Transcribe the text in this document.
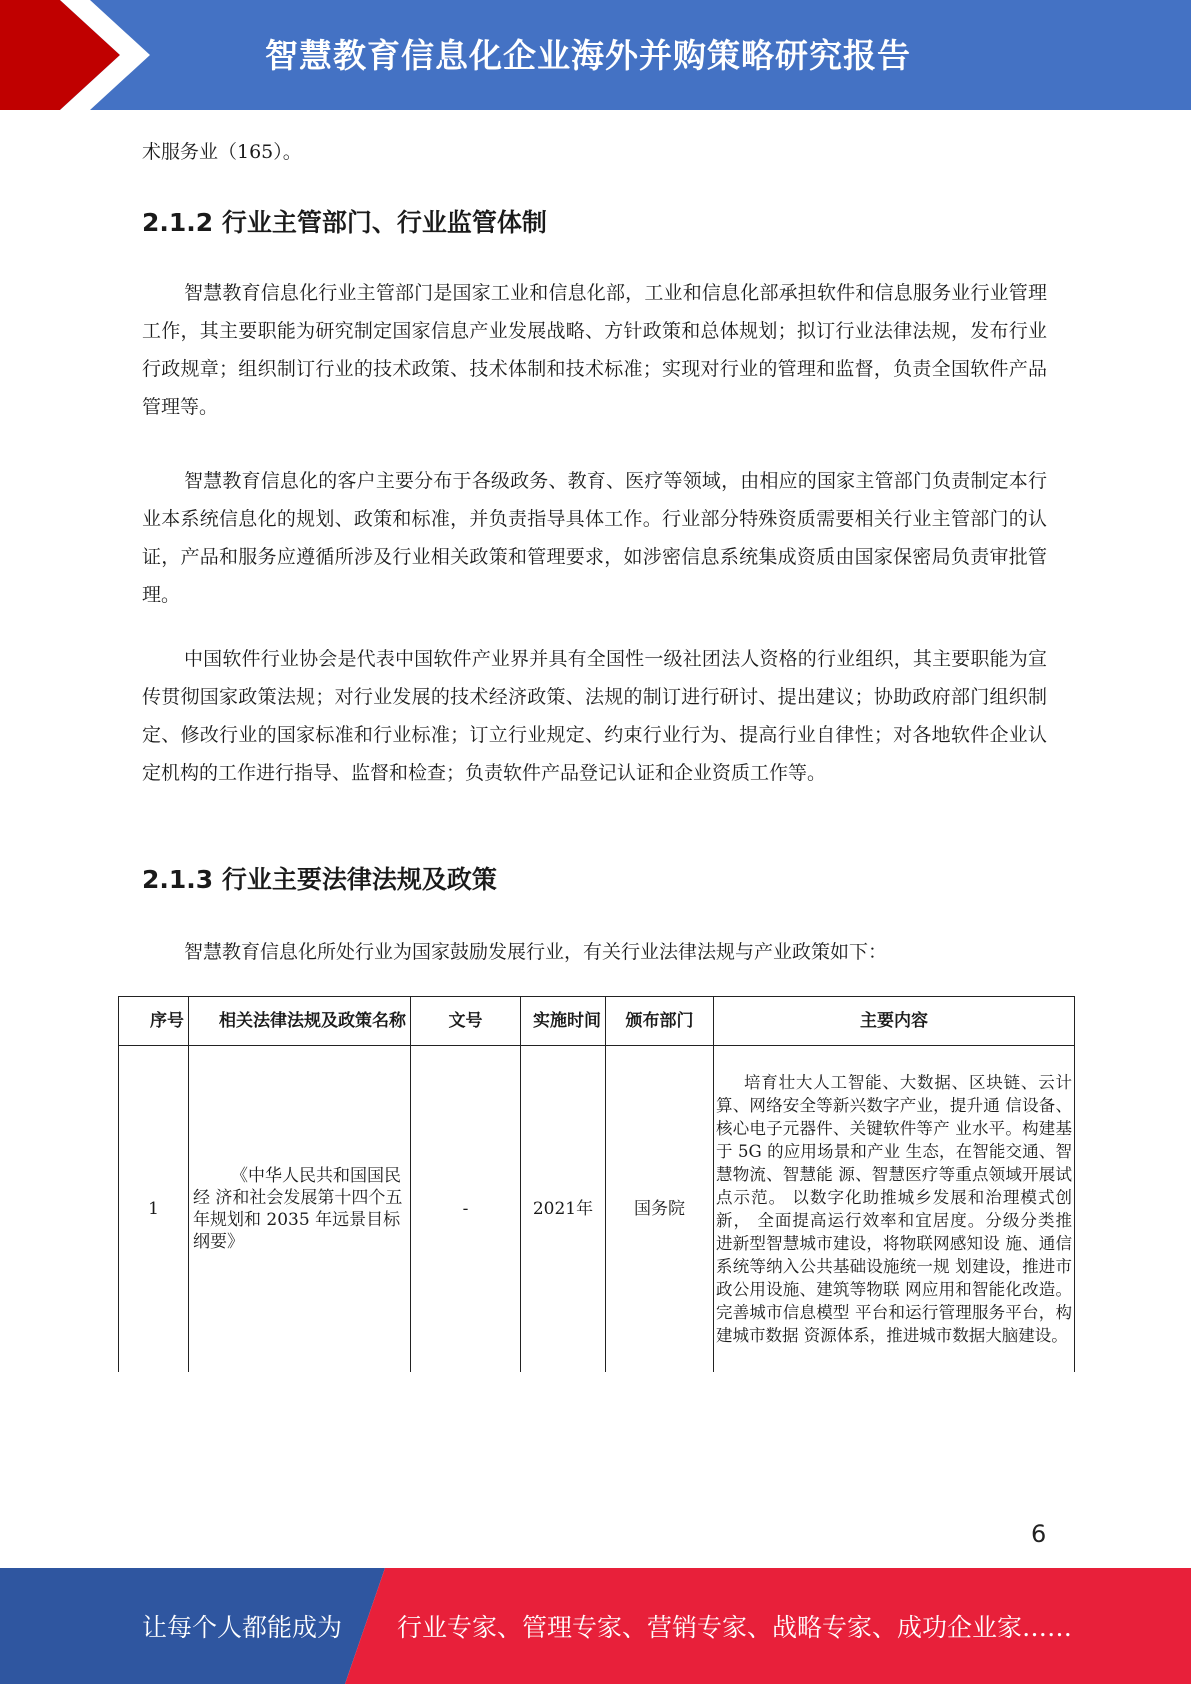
智慧教育信息化企业海外并购策略研究报告

术服务业（165）。

2.1.2 行业主管部门、行业监管体制

智慧教育信息化行业主管部门是国家工业和信息化部，工业和信息化部承担软件和信息服务业行业管理工作，其主要职能为研究制定国家信息产业发展战略、方针政策和总体规划；拟订行业法律法规，发布行业行政规章；组织制订行业的技术政策、技术体制和技术标准；实现对行业的管理和监督，负责全国软件产品管理等。

智慧教育信息化的客户主要分布于各级政务、教育、医疗等领域，由相应的国家主管部门负责制定本行业本系统信息化的规划、政策和标准，并负责指导具体工作。行业部分特殊资质需要相关行业主管部门的认证，产品和服务应遵循所涉及行业相关政策和管理要求，如涉密信息系统集成资质由国家保密局负责审批管理。

中国软件行业协会是代表中国软件产业界并具有全国性一级社团法人资格的行业组织，其主要职能为宣传贯彻国家政策法规；对行业发展的技术经济政策、法规的制订进行研讨、提出建议；协助政府部门组织制定、修改行业的国家标准和行业标准；订立行业规定、约束行业行为、提高行业自律性；对各地软件企业认定机构的工作进行指导、监督和检查；负责软件产品登记认证和企业资质工作等。

2.1.3 行业主要法律法规及政策

智慧教育信息化所处行业为国家鼓励发展行业，有关行业法律法规与产业政策如下：

序号	相关法律法规及政策名称	文号	实施时间	颁布部门	主要内容
1	《中华人民共和国国民经 济和社会发展第十四个五 年规划和 2035 年远景目标纲要》	-	2021年	国务院	培育壮大人工智能、大数据、区块链、云计算、网络安全等新兴数字产业，提升通 信设备、核心电子元器件、关键软件等产 业水平。构建基于 5G 的应用场景和产业 生态，在智能交通、智慧物流、智慧能 源、智慧医疗等重点领域开展试点示范。 以数字化助推城乡发展和治理模式创新， 全面提高运行效率和宜居度。分级分类推 进新型智慧城市建设，将物联网感知设 施、通信系统等纳入公共基础设施统一规 划建设，推进市政公用设施、建筑等物联 网应用和智能化改造。完善城市信息模型 平台和运行管理服务平台，构建城市数据 资源体系，推进城市数据大脑建设。
6
让每个人都能成为 行业专家、管理专家、营销专家、战略专家、成功企业家……
